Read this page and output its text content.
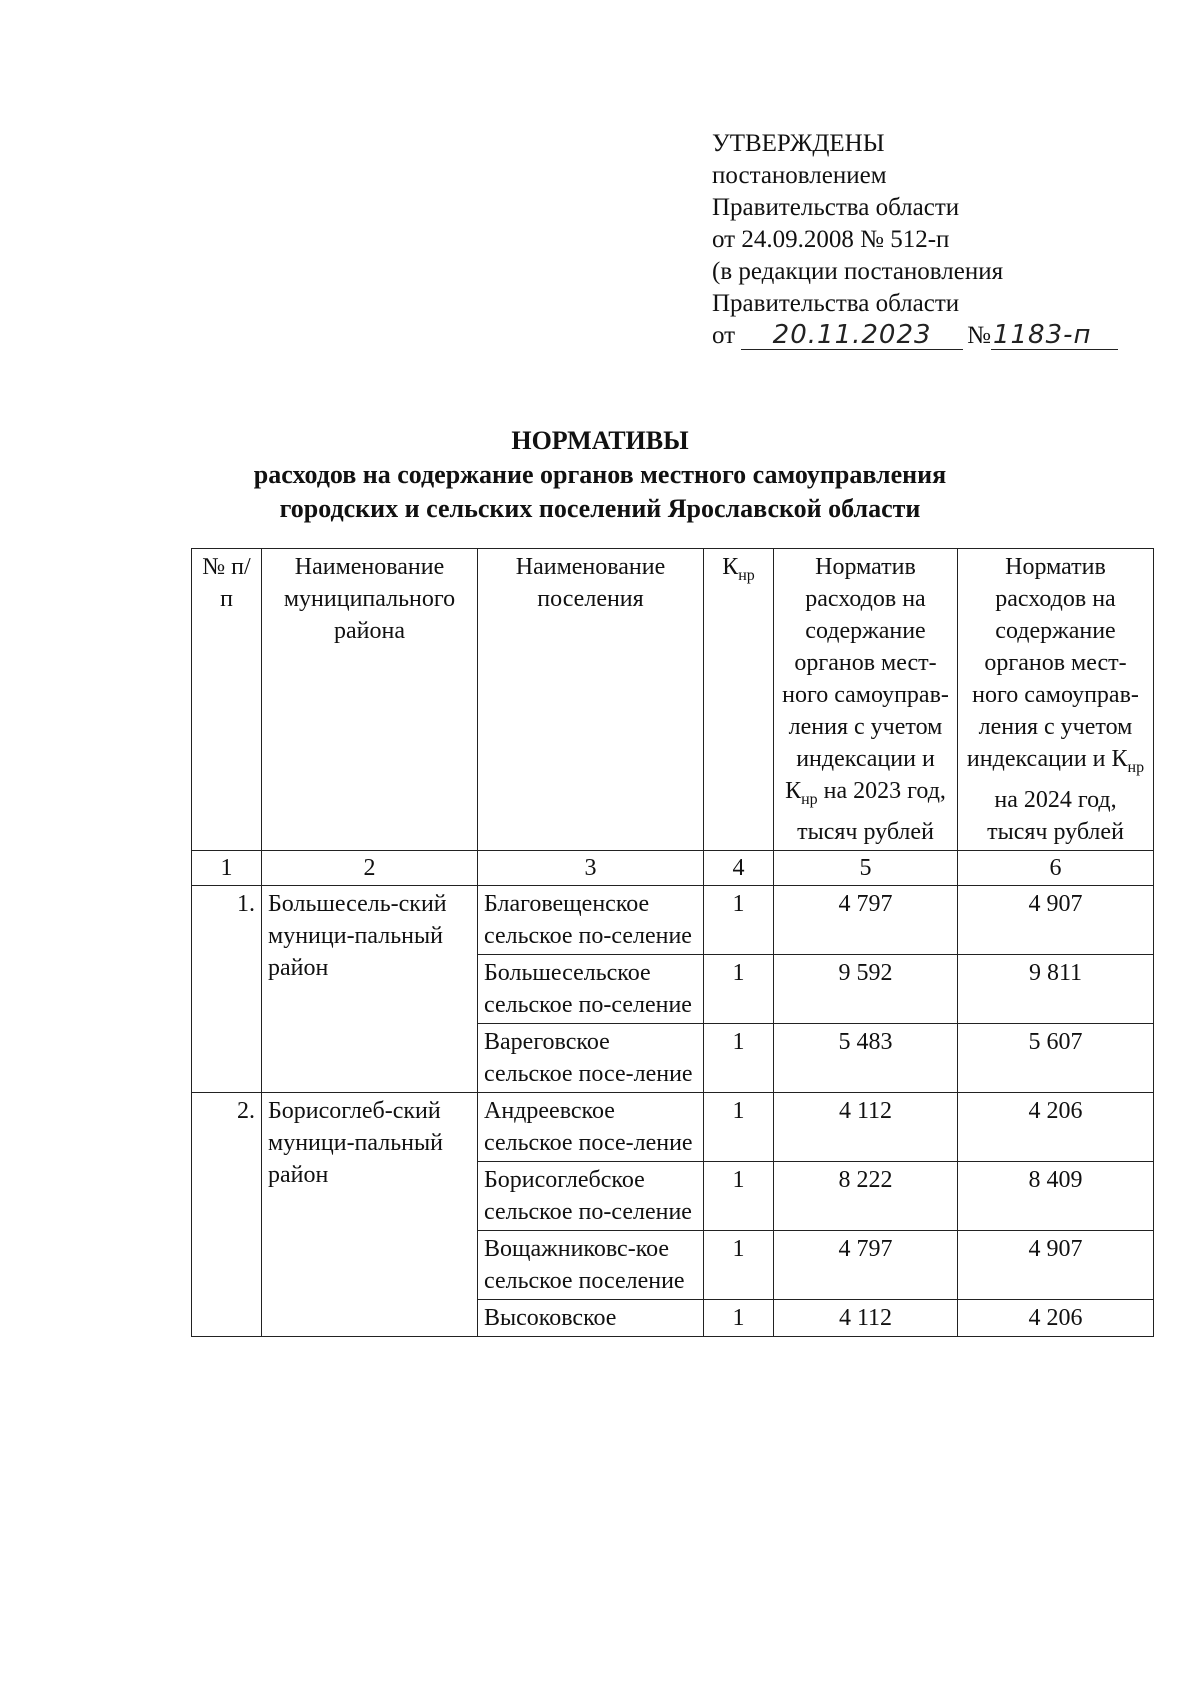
УТВЕРЖДЕНЫ
постановлением
Правительства области
от 24.09.2008 № 512-п
(в редакции постановления
Правительства области
от 20.11.2023 №1183-п
НОРМАТИВЫ
расходов на содержание органов местного самоуправления
городских и сельских поселений Ярославской области
№ п/п	Наименование муниципального района	Наименование поселения	$К_{нр}$	Норматив расходов на содержание органов мест-ного самоуправ-ления с учетом индексации и $К_{нр}$ на 2023 год, тысяч рублей	Норматив расходов на содержание органов мест-ного самоуправ-ления с учетом индексации и $К_{нр}$ на 2024 год, тысяч рублей
1	2	3	4	5	6
1.	Большесель-ский муници-пальный район	Благовещенское сельское по-селение	1	4 797	4 907
		Большесельское сельское по-селение	1	9 592	9 811
		Вареговское сельское посе-ление	1	5 483	5 607
2.	Борисоглеб-ский муници-пальный район	Андреевское сельское посе-ление	1	4 112	4 206
		Борисоглебское сельское по-селение	1	8 222	8 409
		Вощажниковс-кое сельское поселение	1	4 797	4 907
		Высоковское	1	4 112	4 206
